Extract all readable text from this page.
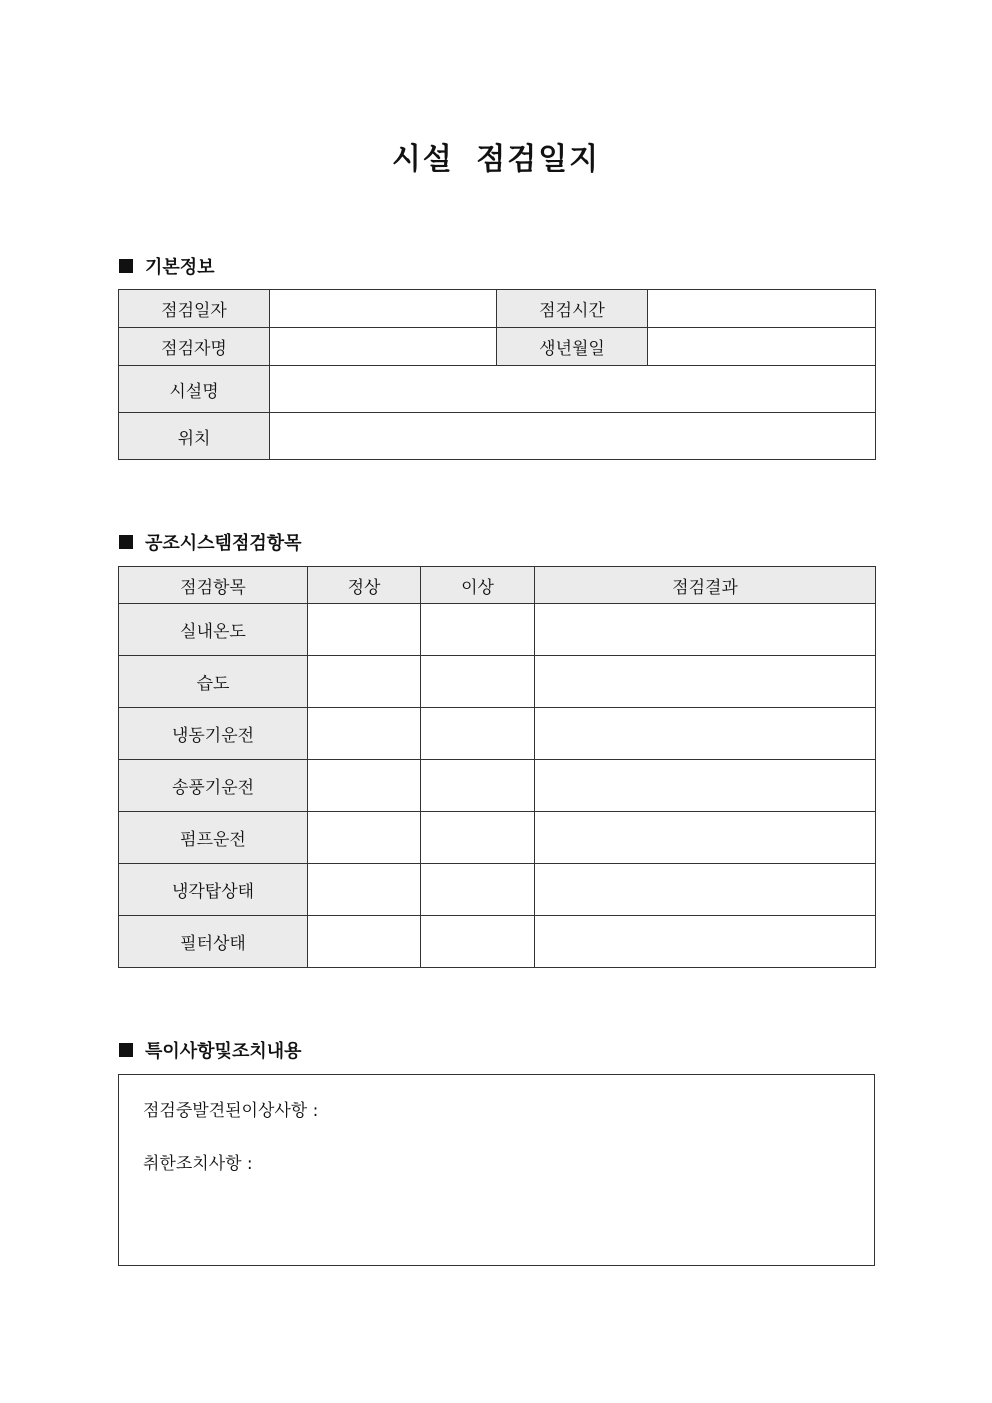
시설 점검일지
기본정보
점검일자		점검시간	
점검자명		생년월일	
시설명			
위치			
공조시스템점검항목
점검항목	정상	이상	점검결과
실내온도			
습도			
냉동기운전			
송풍기운전			
펌프운전			
냉각탑상태			
필터상태			
특이사항및조치내용
점검중발견된이상사항 :
취한조치사항 :
